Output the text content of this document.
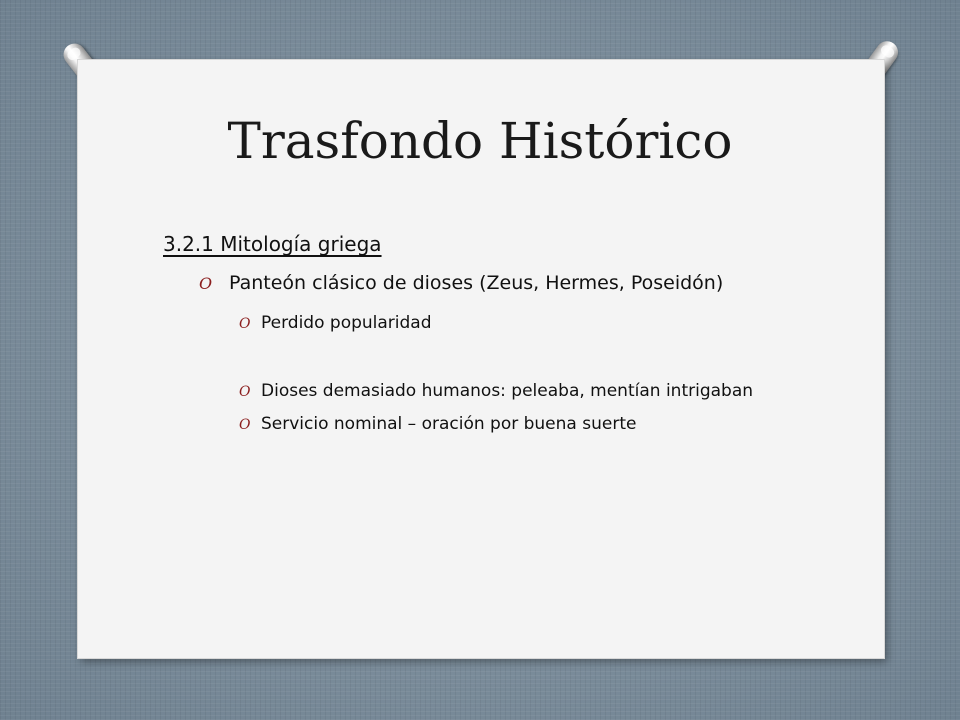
Trasfondo Histórico
3.2.1 Mitología griega
O Panteón clásico de dioses (Zeus, Hermes, Poseidón)
O Perdido popularidad
O Dioses demasiado humanos: peleaba, mentían intrigaban
O Servicio nominal – oración por buena suerte
